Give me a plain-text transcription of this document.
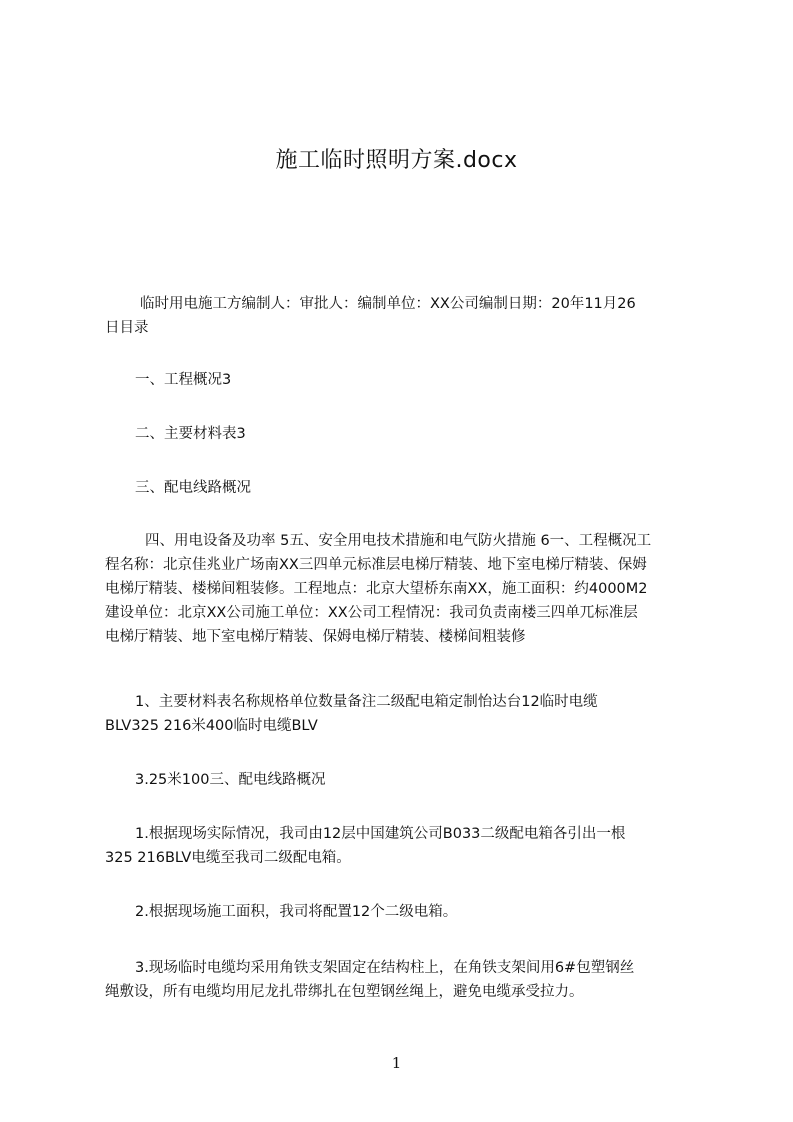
施工临时照明方案.docx
临时用电施工方编制人：审批人：编制单位：XX公司编制日期：20年11月26
日目录
一、工程概况3
二、主要材料表3
三、配电线路概况
四、用电设备及功率 5五、安全用电技术措施和电气防火措施 6一、工程概况工
程名称：北京佳兆业广场南XX三四单元标准层电梯厅精装、地下室电梯厅精装、保姆
电梯厅精装、楼梯间粗装修。工程地点：北京大望桥东南XX，施工面积：约4000M2
建设单位：北京XX公司施工单位：XX公司工程情况：我司负责南楼三四单兀标准层
电梯厅精装、地下室电梯厅精装、保姆电梯厅精装、楼梯间粗装修
1、主要材料表名称规格单位数量备注二级配电箱定制怡达台12临时电缆
BLV325 216米400临时电缆BLV
3.25米100三、配电线路概况
1.根据现场实际情况，我司由12层中国建筑公司B033二级配电箱各引出一根
325 216BLV电缆至我司二级配电箱。
2.根据现场施工面积，我司将配置12个二级电箱。
3.现场临时电缆均采用角铁支架固定在结构柱上，在角铁支架间用6#包塑钢丝
绳敷设，所有电缆均用尼龙扎带绑扎在包塑钢丝绳上，避免电缆承受拉力。
1
